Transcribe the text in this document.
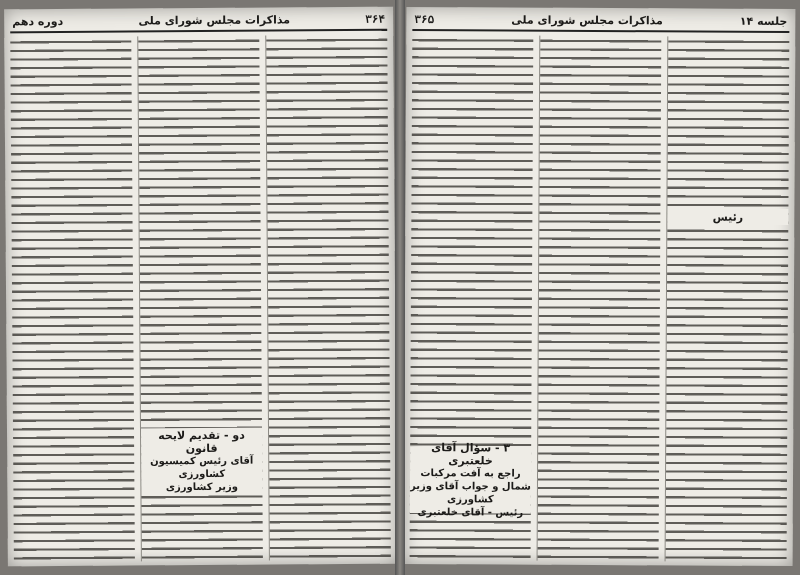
۳۶۴
مذاکرات مجلس شورای ملی
دوره دهم
دو - تقدیم لایحه قانون
آقای رئیس کمیسیون کشاورزی
وزیر کشاورزی
جلسه ۱۴
مذاکرات مجلس شورای ملی
۳۶۵
رئیس
۳ - سؤال آقای خلعتبری
راجع به آفت مرکبات شمال و جواب آقای وزیر کشاورزی
رئیس - آقای خلعتبری
